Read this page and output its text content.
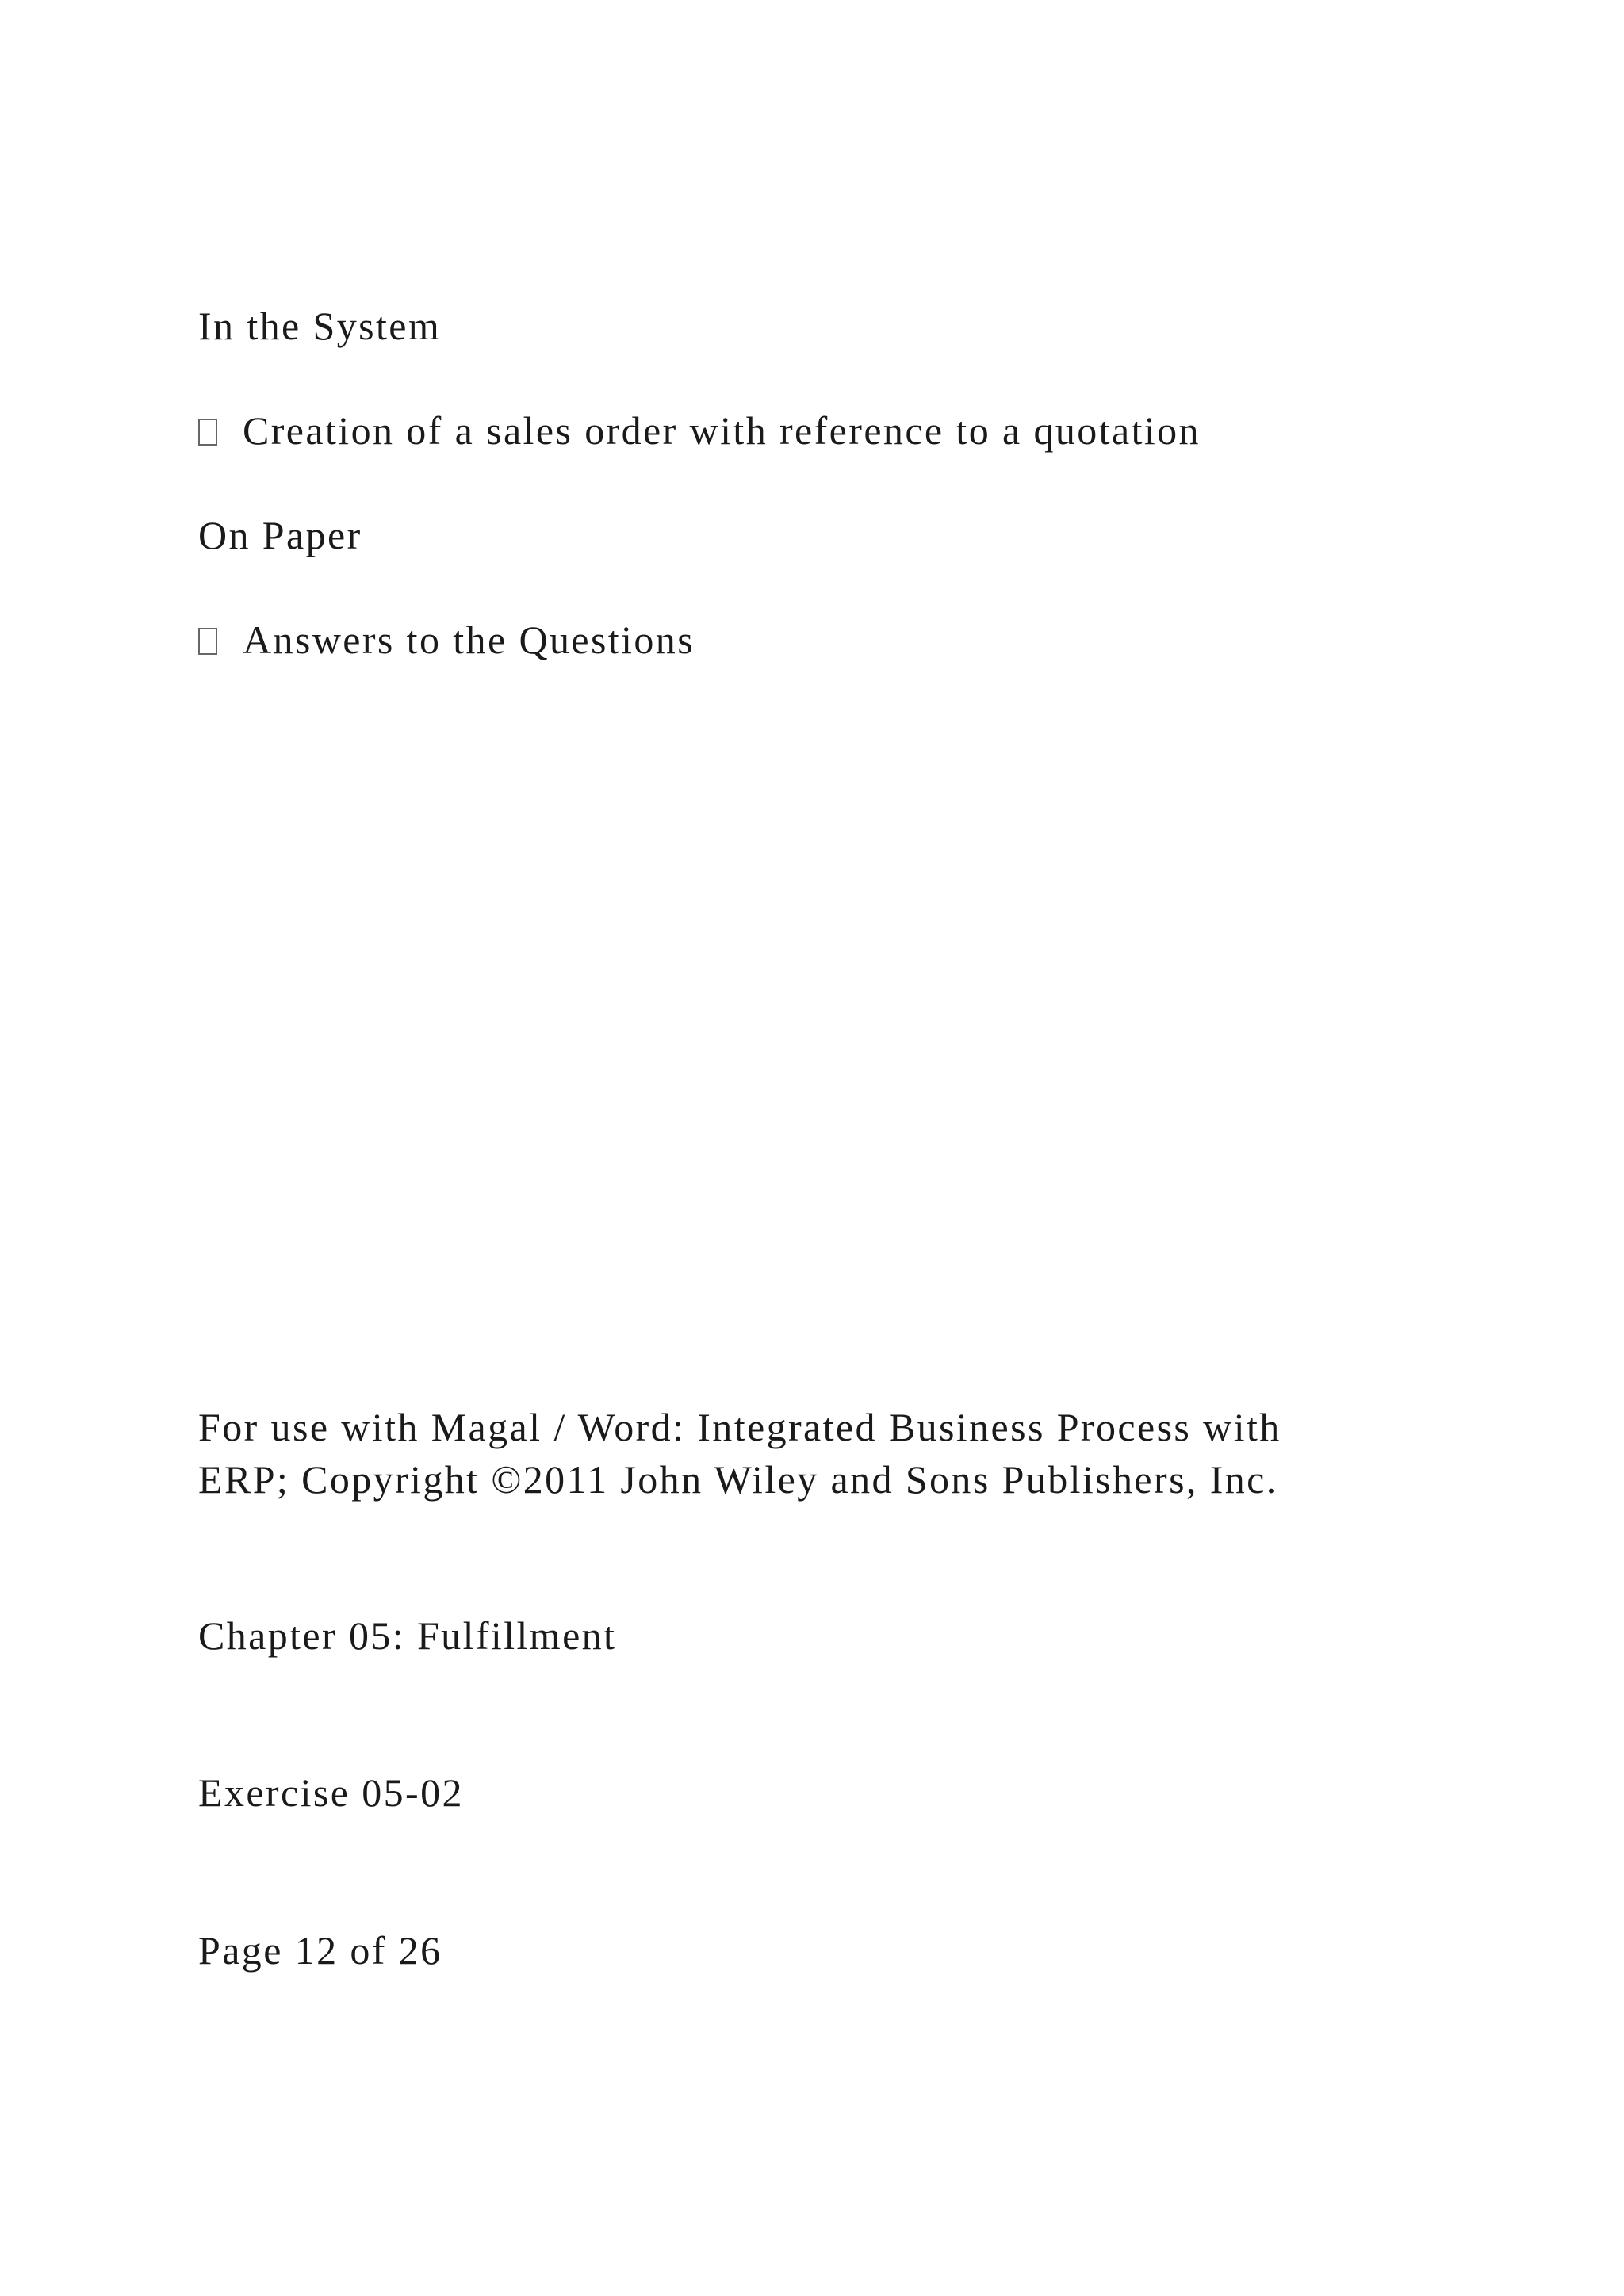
In the System
Creation of a sales order with reference to a quotation
On Paper
Answers to the Questions
For use with Magal / Word: Integrated Business Process with
ERP; Copyright ©2011 John Wiley and Sons Publishers, Inc.
Chapter 05: Fulfillment
Exercise 05-02
Page 12 of 26
